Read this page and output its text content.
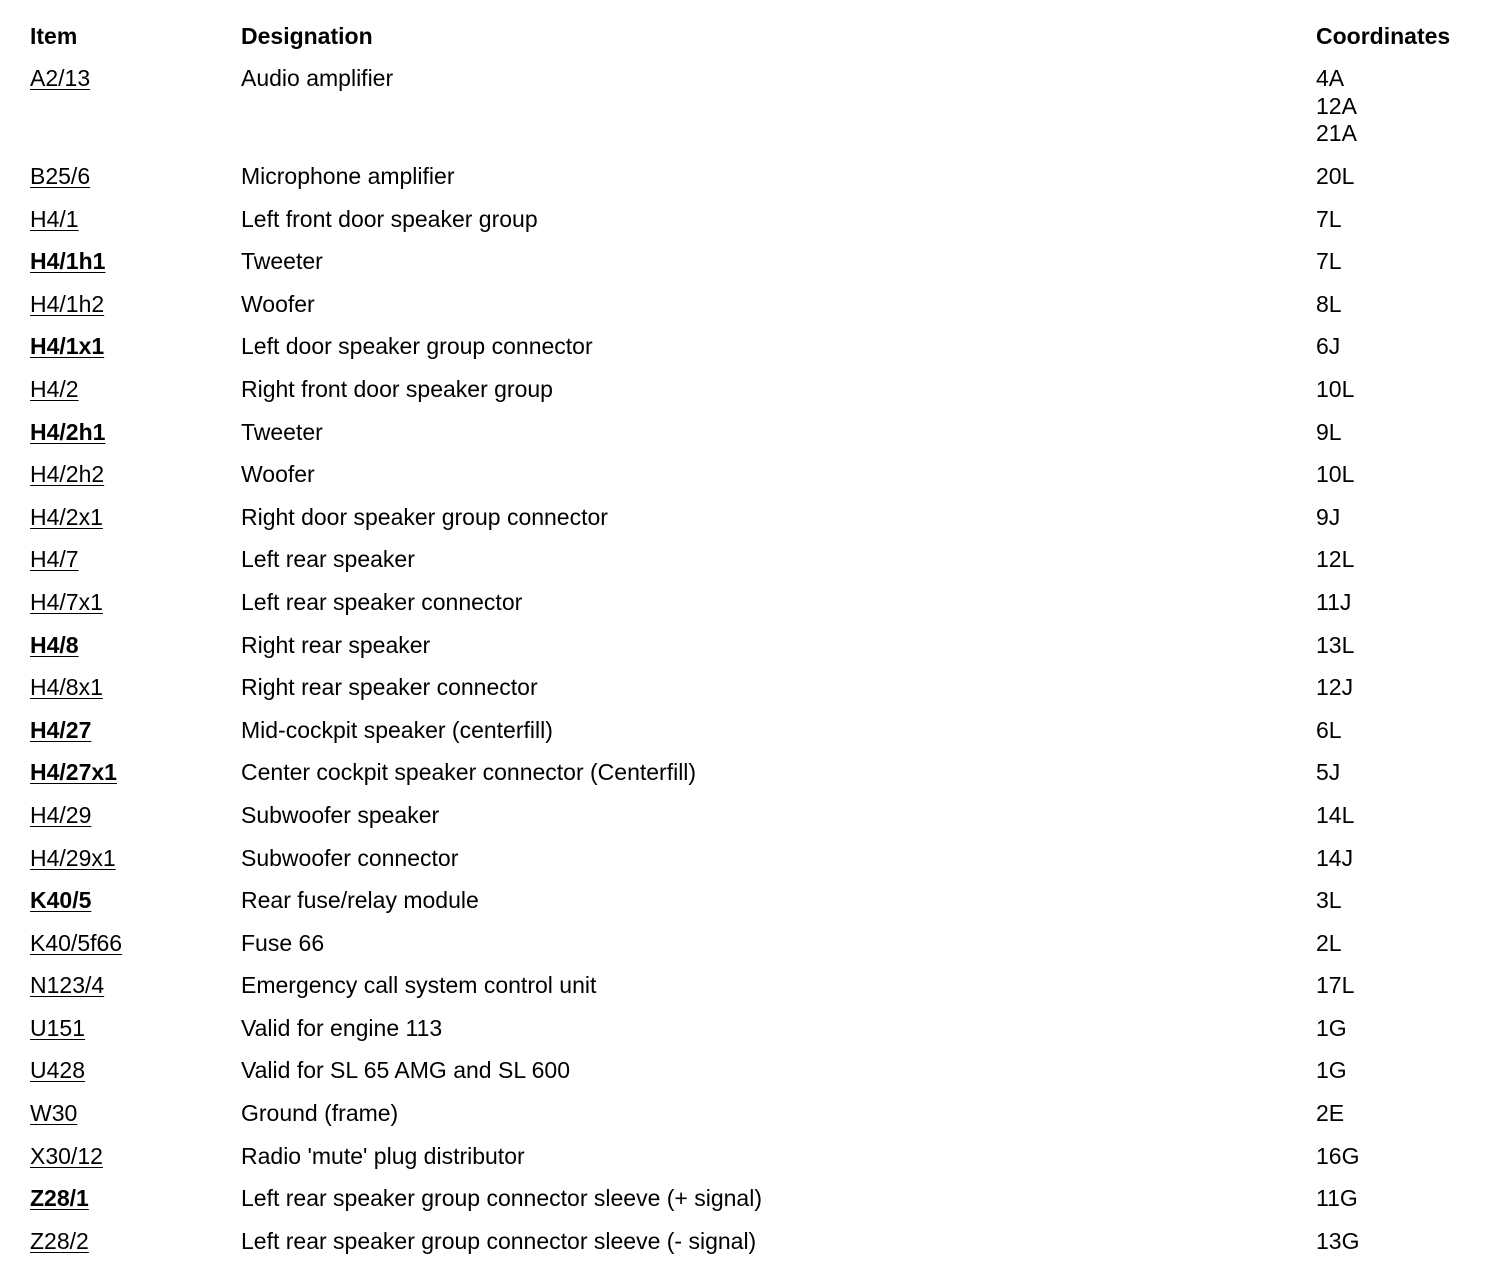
Item	Designation	Coordinates
A2/13	Audio amplifier	4A
12A
21A
B25/6	Microphone amplifier	20L
H4/1	Left front door speaker group	7L
H4/1h1	Tweeter	7L
H4/1h2	Woofer	8L
H4/1x1	Left door speaker group connector	6J
H4/2	Right front door speaker group	10L
H4/2h1	Tweeter	9L
H4/2h2	Woofer	10L
H4/2x1	Right door speaker group connector	9J
H4/7	Left rear speaker	12L
H4/7x1	Left rear speaker connector	11J
H4/8	Right rear speaker	13L
H4/8x1	Right rear speaker connector	12J
H4/27	Mid-cockpit speaker (centerfill)	6L
H4/27x1	Center cockpit speaker connector (Centerfill)	5J
H4/29	Subwoofer speaker	14L
H4/29x1	Subwoofer connector	14J
K40/5	Rear fuse/relay module	3L
K40/5f66	Fuse 66	2L
N123/4	Emergency call system control unit	17L
U151	Valid for engine 113	1G
U428	Valid for SL 65 AMG and SL 600	1G
W30	Ground (frame)	2E
X30/12	Radio 'mute' plug distributor	16G
Z28/1	Left rear speaker group connector sleeve (+ signal)	11G
Z28/2	Left rear speaker group connector sleeve (- signal)	13G
